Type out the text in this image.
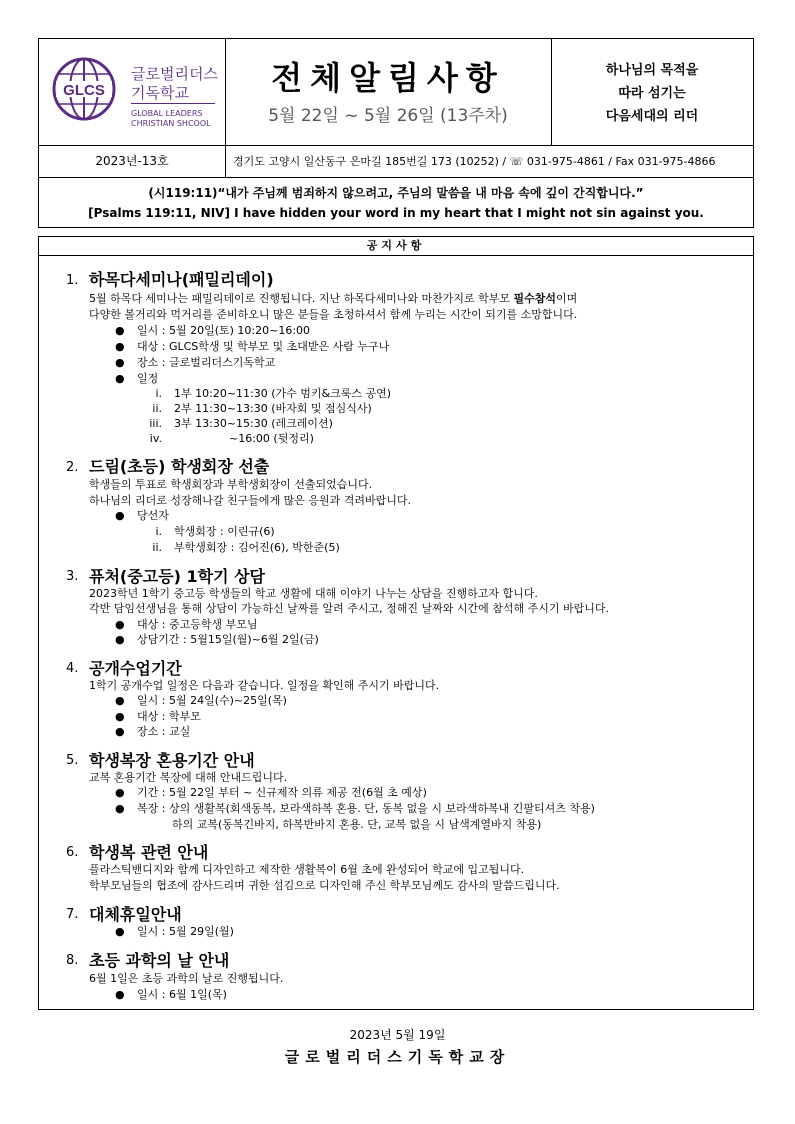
GLCS
글로벌리더스
기독학교
GLOBAL LEADERS
CHRISTIAN SHCOOL
전체알림사항
5월 22일 ~ 5월 26일 (13주차)
하나님의 목적을
따라 섬기는
다음세대의 리더
2023년-13호	경기도 고양시 일산동구 은마길 185번길 173 (10252) / ☏ 031-975-4861 / Fax 031-975-4866
(시119:11)“내가 주님께 범죄하지 않으려고, 주님의 말씀을 내 마음 속에 깊이 간직합니다.”
[Psalms 119:11, NIV] I have hidden your word in my heart that I might not sin against you.
공지사항
1. 하목다세미나(패밀리데이)
5월 하목다 세미나는 패밀리데이로 진행됩니다. 지난 하목다세미나와 마찬가지로 학부모 필수참석이며
다양한 볼거리와 먹거리를 준비하오니 많은 분들을 초청하셔서 함께 누리는 시간이 되기를 소망합니다.
● 일시 : 5월 20일(토) 10:20~16:00
● 대상 : GLCS학생 및 학부모 및 초대받은 사람 누구나
● 장소 : 글로벌리더스기독학교
● 일정
i. 1부 10:20~11:30 (가수 범키&크룩스 공연)
ii. 2부 11:30~13:30 (바자회 및 점심식사)
iii. 3부 13:30~15:30 (레크레이션)
iv.	~16:00 (뒷정리)
2. 드림(초등) 학생회장 선출
학생들의 투표로 학생회장과 부학생회장이 선출되었습니다.
하나님의 리더로 성장해나갈 친구들에게 많은 응원과 격려바랍니다.
● 당선자
i. 학생회장 : 이린규(6)
ii. 부학생회장 : 김어진(6), 박한준(5)
3. 퓨처(중고등) 1학기 상담
2023학년 1학기 중고등 학생들의 학교 생활에 대해 이야기 나누는 상담을 진행하고자 합니다.
각반 담임선생님을 통해 상담이 가능하신 날짜를 알려 주시고, 정해진 날짜와 시간에 참석해 주시기 바랍니다.
● 대상 : 중고등학생 부모님
● 상담기간 : 5월15일(월)~6월 2일(금)
4. 공개수업기간
1학기 공개수업 일정은 다음과 같습니다. 일정을 확인해 주시기 바랍니다.
● 일시 : 5월 24일(수)~25일(목)
● 대상 : 학부모
● 장소 : 교실
5. 학생복장 혼용기간 안내
교복 혼용기간 복장에 대해 안내드립니다.
● 기간 : 5월 22일 부터 ~ 신규제작 의류 제공 전(6월 초 예상)
● 복장 : 상의 생활복(회색동복, 보라색하복 혼용. 단, 동복 없을 시 보라색하복내 긴팔티셔츠 착용)
하의 교복(동복긴바지, 하복반바지 혼용. 단, 교복 없을 시 남색계열바지 착용)
6. 학생복 관련 안내
플라스틱밴디지와 함께 디자인하고 제작한 생활복이 6월 초에 완성되어 학교에 입고됩니다.
학부모님들의 협조에 감사드리며 귀한 섬김으로 디자인해 주신 학부모님께도 감사의 말씀드립니다.
7. 대체휴일안내
● 일시 : 5월 29일(월)
8. 초등 과학의 날 안내
6월 1일은 초등 과학의 날로 진행됩니다.
● 일시 : 6월 1일(목)
2023년 5월 19일
글로벌리더스기독학교장
